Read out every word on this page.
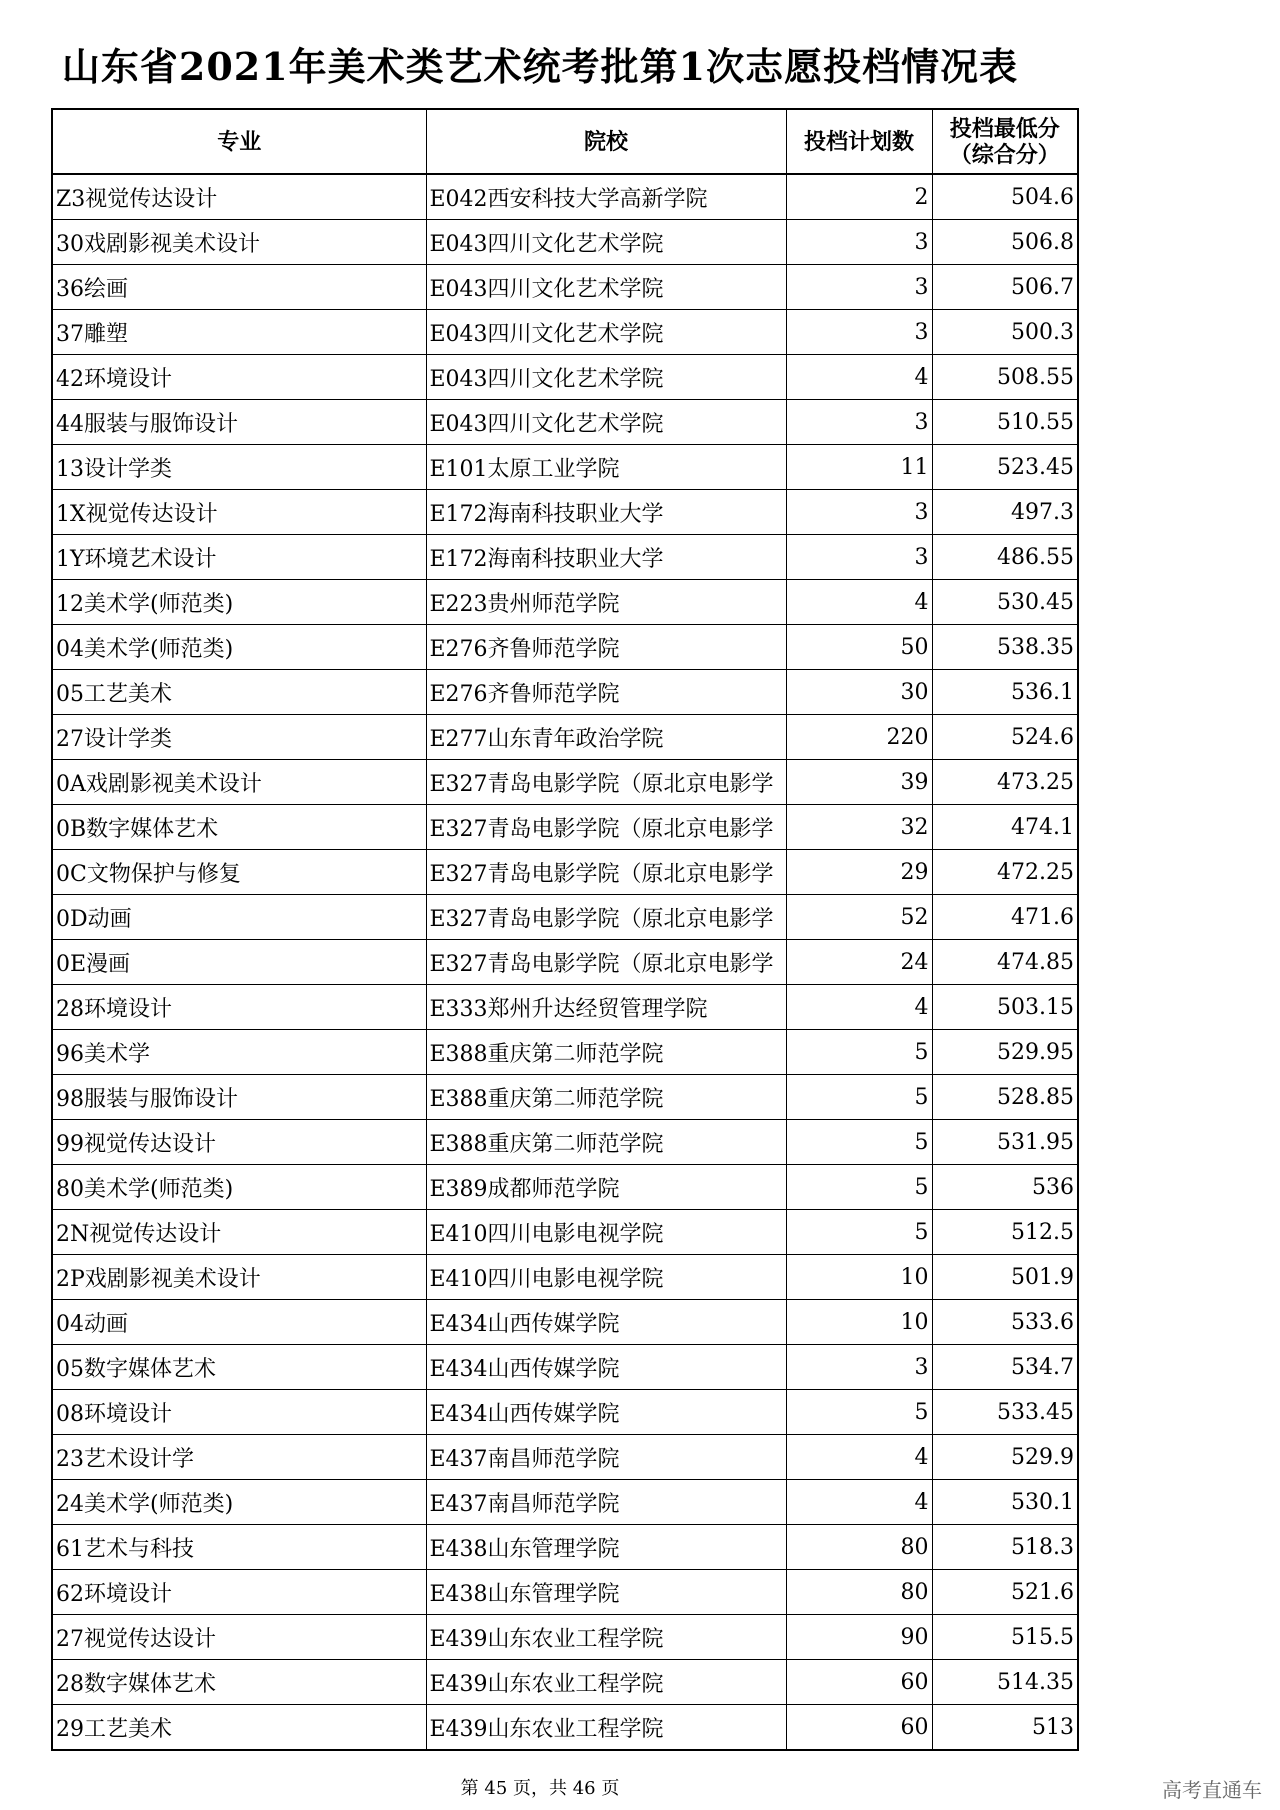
山东省2021年美术类艺术统考批第1次志愿投档情况表
专业	院校	投档计划数	投档最低分
（综合分）

Z3视觉传达设计	E042西安科技大学高新学院	2	504.6
30戏剧影视美术设计	E043四川文化艺术学院	3	506.8
36绘画	E043四川文化艺术学院	3	506.7
37雕塑	E043四川文化艺术学院	3	500.3
42环境设计	E043四川文化艺术学院	4	508.55
44服装与服饰设计	E043四川文化艺术学院	3	510.55
13设计学类	E101太原工业学院	11	523.45
1X视觉传达设计	E172海南科技职业大学	3	497.3
1Y环境艺术设计	E172海南科技职业大学	3	486.55
12美术学(师范类)	E223贵州师范学院	4	530.45
04美术学(师范类)	E276齐鲁师范学院	50	538.35
05工艺美术	E276齐鲁师范学院	30	536.1
27设计学类	E277山东青年政治学院	220	524.6
0A戏剧影视美术设计	E327青岛电影学院（原北京电影学	39	473.25
0B数字媒体艺术	E327青岛电影学院（原北京电影学	32	474.1
0C文物保护与修复	E327青岛电影学院（原北京电影学	29	472.25
0D动画	E327青岛电影学院（原北京电影学	52	471.6
0E漫画	E327青岛电影学院（原北京电影学	24	474.85
28环境设计	E333郑州升达经贸管理学院	4	503.15
96美术学	E388重庆第二师范学院	5	529.95
98服装与服饰设计	E388重庆第二师范学院	5	528.85
99视觉传达设计	E388重庆第二师范学院	5	531.95
80美术学(师范类)	E389成都师范学院	5	536
2N视觉传达设计	E410四川电影电视学院	5	512.5
2P戏剧影视美术设计	E410四川电影电视学院	10	501.9
04动画	E434山西传媒学院	10	533.6
05数字媒体艺术	E434山西传媒学院	3	534.7
08环境设计	E434山西传媒学院	5	533.45
23艺术设计学	E437南昌师范学院	4	529.9
24美术学(师范类)	E437南昌师范学院	4	530.1
61艺术与科技	E438山东管理学院	80	518.3
62环境设计	E438山东管理学院	80	521.6
27视觉传达设计	E439山东农业工程学院	90	515.5
28数字媒体艺术	E439山东农业工程学院	60	514.35
29工艺美术	E439山东农业工程学院	60	513
第 45 页，共 46 页	高考直通车
